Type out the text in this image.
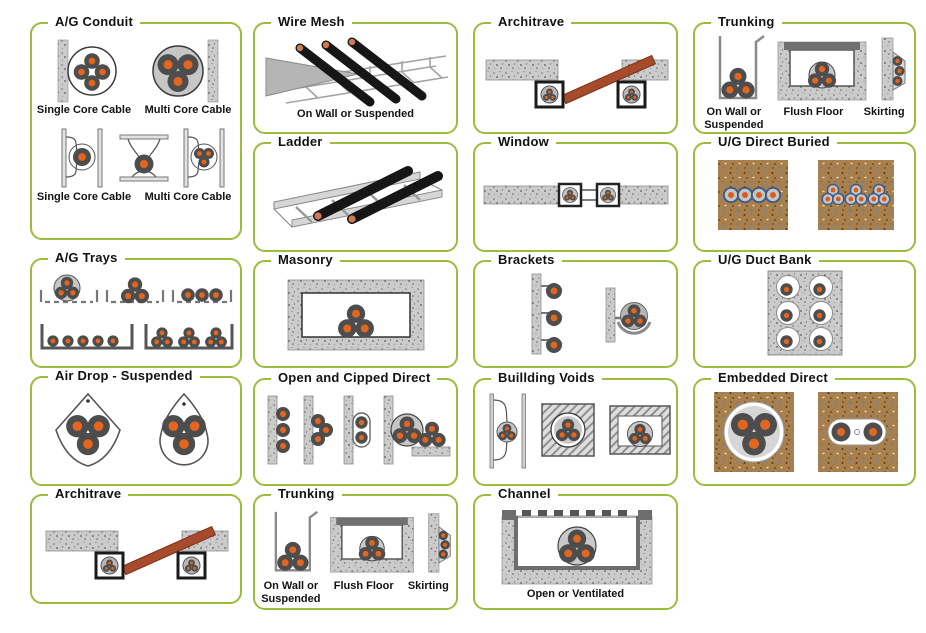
A/G Conduit
Single Core Cable	Multi Core Cable
Single Core Cable	Multi Core Cable
Wire Mesh
On Wall or Suspended
Architrave	Trunking
On Wall or Suspended
Flush Floor	Skirting
Ladder	Window	U/G Direct Buried
A/G Trays	Masonry	Brackets	U/G Duct Bank
Air Drop - Suspended	Open and Cipped Direct	Buillding Voids	Embedded Direct
Architrave	Trunking
On Wall or Suspended
Flush Floor	Skirting
Channel
Open or Ventilated
